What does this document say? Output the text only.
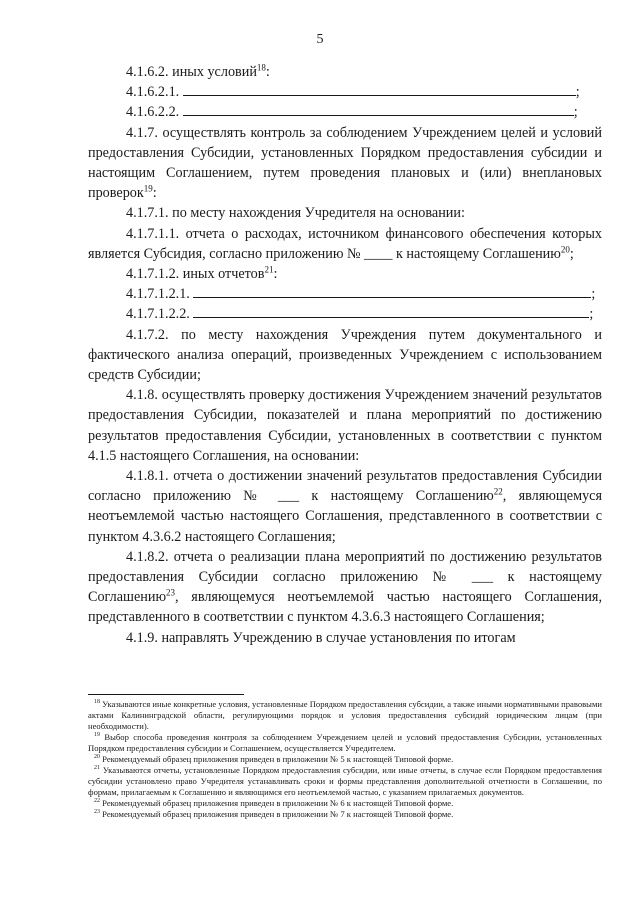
5

4.1.6.2. иных условий$^{18}$:

4.1.6.2.1.	;

4.1.6.2.2.	;

4.1.7. осуществлять контроль за соблюдением Учреждением целей и условий предоставления Субсидии, установленных Порядком предоставления субсидии и настоящим Соглашением, путем проведения плановых и (или) внеплановых проверок$^{19}$:

4.1.7.1. по месту нахождения Учредителя на основании:

4.1.7.1.1. отчета о расходах, источником финансового обеспечения которых является Субсидия, согласно приложению № ____ к настоящему Соглашению$^{20}$;

4.1.7.1.2. иных отчетов$^{21}$:

4.1.7.1.2.1.	;

4.1.7.1.2.2.	;

4.1.7.2. по месту нахождения Учреждения путем документального и фактического анализа операций, произведенных Учреждением с использованием средств Субсидии;

4.1.8. осуществлять проверку достижения Учреждением значений результатов предоставления Субсидии, показателей и плана мероприятий по достижению результатов предоставления Субсидии, установленных в соответствии с пунктом 4.1.5 настоящего Соглашения, на основании:

4.1.8.1. отчета о достижении значений результатов предоставления Субсидии согласно приложению № ___ к настоящему Соглашению$^{22}$, являющемуся неотъемлемой частью настоящего Соглашения, представленного в соответствии с пунктом 4.3.6.2 настоящего Соглашения;

4.1.8.2. отчета о реализации плана мероприятий по достижению результатов предоставления Субсидии согласно приложению № ___ к настоящему Соглашению$^{23}$, являющемуся неотъемлемой частью настоящего Соглашения, представленного в соответствии с пунктом 4.3.6.3 настоящего Соглашения;

4.1.9. направлять Учреждению в случае установления по итогам

$^{18}$ Указываются иные конкретные условия, установленные Порядком предоставления субсидии, а также иными нормативными правовыми актами Калининградской области, регулирующими порядок и условия предоставления субсидий юридическим лицам (при необходимости).

$^{19}$ Выбор способа проведения контроля за соблюдением Учреждением целей и условий предоставления Субсидии, установленных Порядком предоставления субсидии и Соглашением, осуществляется Учредителем.

$^{20}$ Рекомендуемый образец приложения приведен в приложении № 5 к настоящей Типовой форме.

$^{21}$ Указываются отчеты, установленные Порядком предоставления субсидии, или иные отчеты, в случае если Порядком предоставления субсидии установлено право Учредителя устанавливать сроки и формы представления дополнительной отчетности в Соглашении, по формам, прилагаемым к Соглашению и являющимся его неотъемлемой частью, с указанием прилагаемых документов.

$^{22}$ Рекомендуемый образец приложения приведен в приложении № 6 к настоящей Типовой форме.

$^{23}$ Рекомендуемый образец приложения приведен в приложении № 7 к настоящей Типовой форме.
